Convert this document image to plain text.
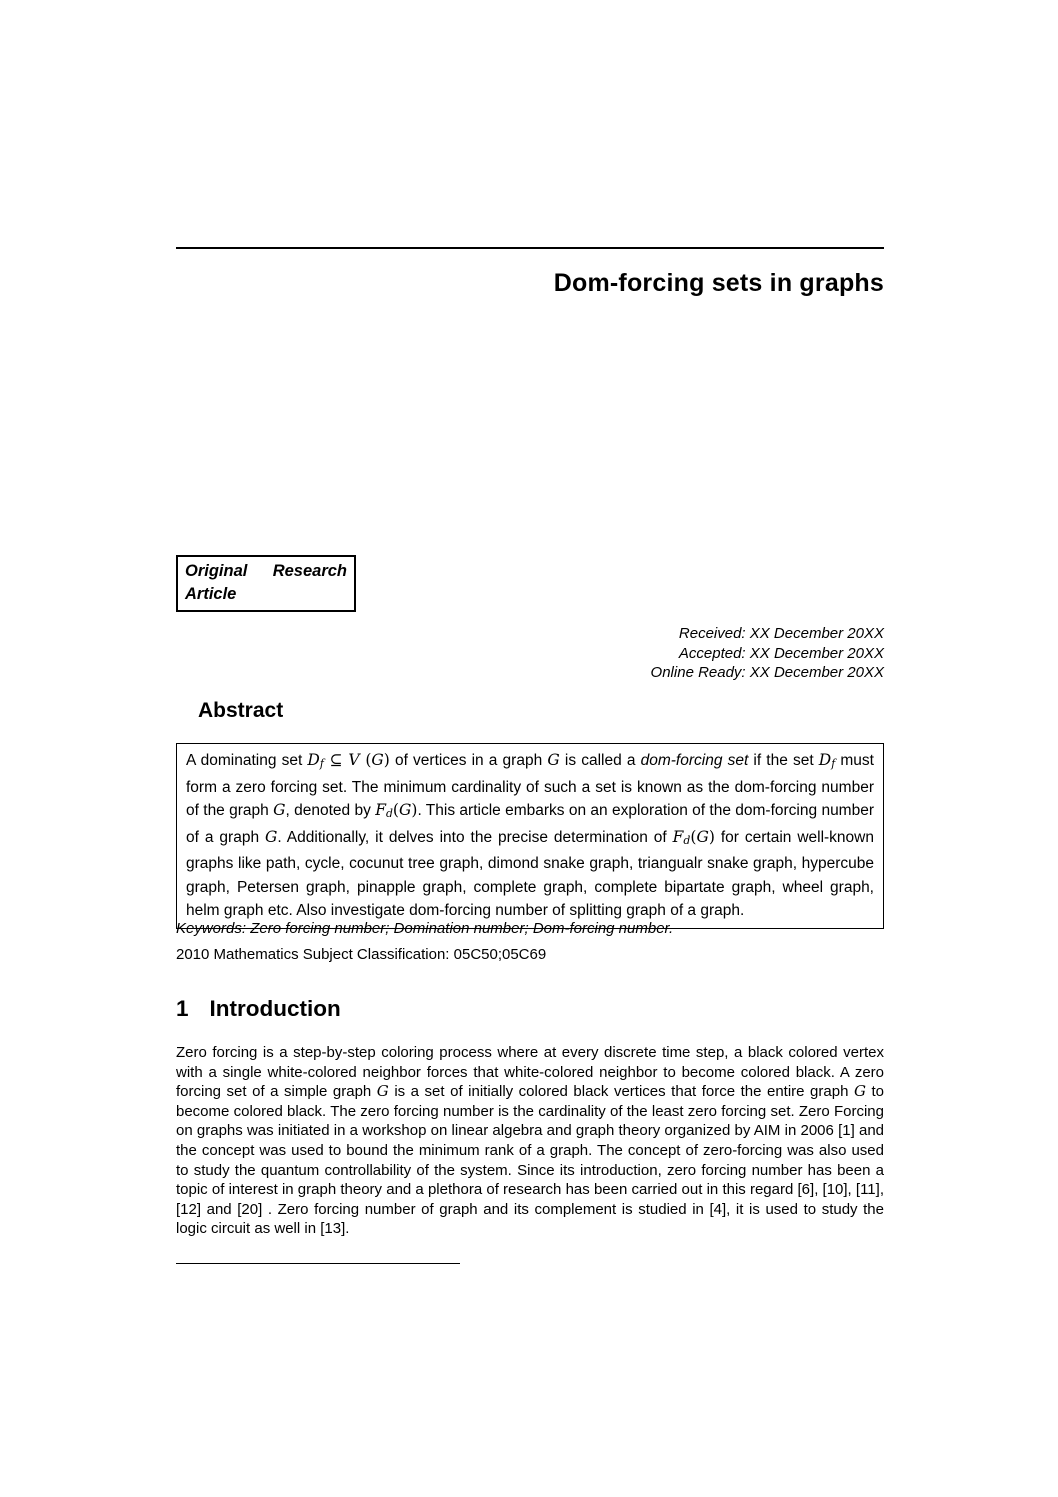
Dom-forcing sets in graphs
Original Research Article
Received: XX December 20XX
Accepted: XX December 20XX
Online Ready: XX December 20XX
Abstract
A dominating set Df ⊆ V (G) of vertices in a graph G is called a dom-forcing set if the set Df must form a zero forcing set. The minimum cardinality of such a set is known as the dom-forcing number of the graph G, denoted by Fd(G). This article embarks on an exploration of the dom-forcing number of a graph G. Additionally, it delves into the precise determination of Fd(G) for certain well-known graphs like path, cycle, cocunut tree graph, dimond snake graph, triangualr snake graph, hypercube graph, Petersen graph, pinapple graph, complete graph, complete bipartate graph, wheel graph, helm graph etc. Also investigate dom-forcing number of splitting graph of a graph.
Keywords: Zero forcing number; Domination number; Dom-forcing number.
2010 Mathematics Subject Classification: 05C50;05C69
1 Introduction
Zero forcing is a step-by-step coloring process where at every discrete time step, a black colored vertex with a single white-colored neighbor forces that white-colored neighbor to become colored black. A zero forcing set of a simple graph G is a set of initially colored black vertices that force the entire graph G to become colored black. The zero forcing number is the cardinality of the least zero forcing set. Zero Forcing on graphs was initiated in a workshop on linear algebra and graph theory organized by AIM in 2006 [1] and the concept was used to bound the minimum rank of a graph. The concept of zero-forcing was also used to study the quantum controllability of the system. Since its introduction, zero forcing number has been a topic of interest in graph theory and a plethora of research has been carried out in this regard [6], [10], [11], [12] and [20] . Zero forcing number of graph and its complement is studied in [4], it is used to study the logic circuit as well in [13].
